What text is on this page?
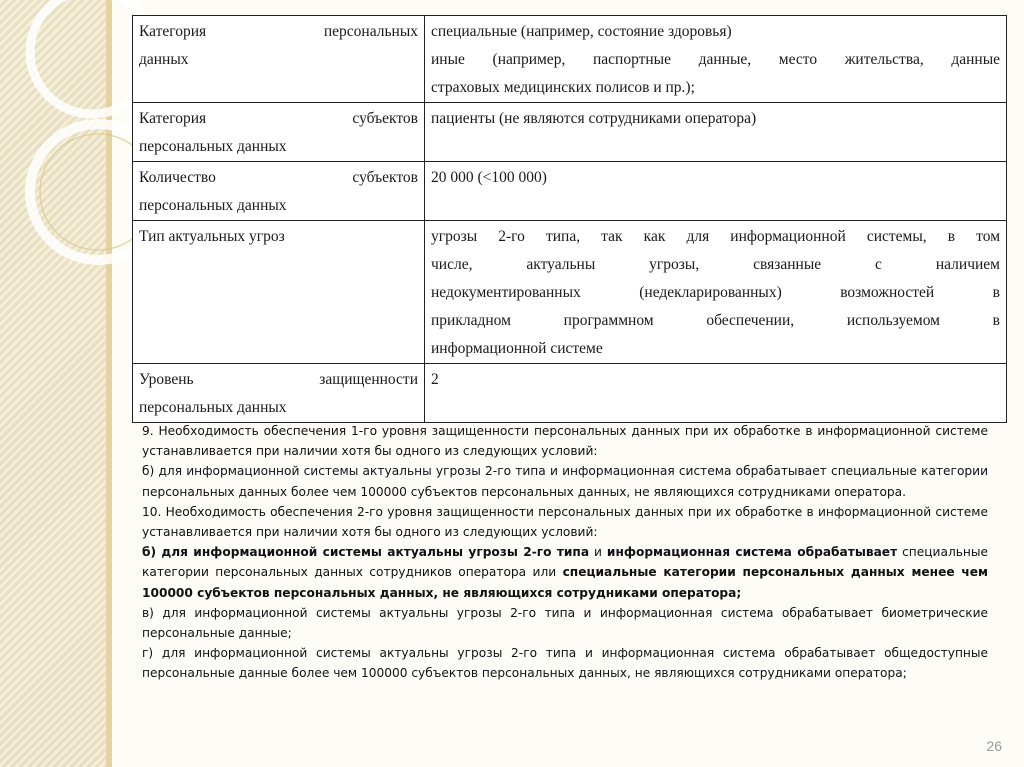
Категория персональных
данных	специальные (например, состояние здоровья)
иные (например, паспортные данные, место жительства, данные
страховых медицинских полисов и пр.);

Категория субъектов
персональных данных	пациенты (не являются сотрудниками оператора)

Количество субъектов
персональных данных	20 000 (<100 000)

Тип актуальных угроз	угрозы 2-го типа, так как для информационной системы, в том
числе, актуальны угрозы, связанные с наличием
недокументированных (недекларированных) возможностей в
прикладном программном обеспечении, используемом в
информационной системе

Уровень защищенности
персональных данных	2

9. Необходимость обеспечения 1-го уровня защищенности персональных данных при их обработке в информационной системе устанавливается при наличии хотя бы одного из следующих условий:

б) для информационной системы актуальны угрозы 2-го типа и информационная система обрабатывает специальные категории персональных данных более чем 100000 субъектов персональных данных, не являющихся сотрудниками оператора.

10. Необходимость обеспечения 2-го уровня защищенности персональных данных при их обработке в информационной системе устанавливается при наличии хотя бы одного из следующих условий:

б) для информационной системы актуальны угрозы 2-го типа и информационная система обрабатывает специальные категории персональных данных сотрудников оператора или специальные категории персональных данных менее чем 100000 субъектов персональных данных, не являющихся сотрудниками оператора;

в) для информационной системы актуальны угрозы 2-го типа и информационная система обрабатывает биометрические персональные данные;

г) для информационной системы актуальны угрозы 2-го типа и информационная система обрабатывает общедоступные персональные данные более чем 100000 субъектов персональных данных, не являющихся сотрудниками оператора;

26
